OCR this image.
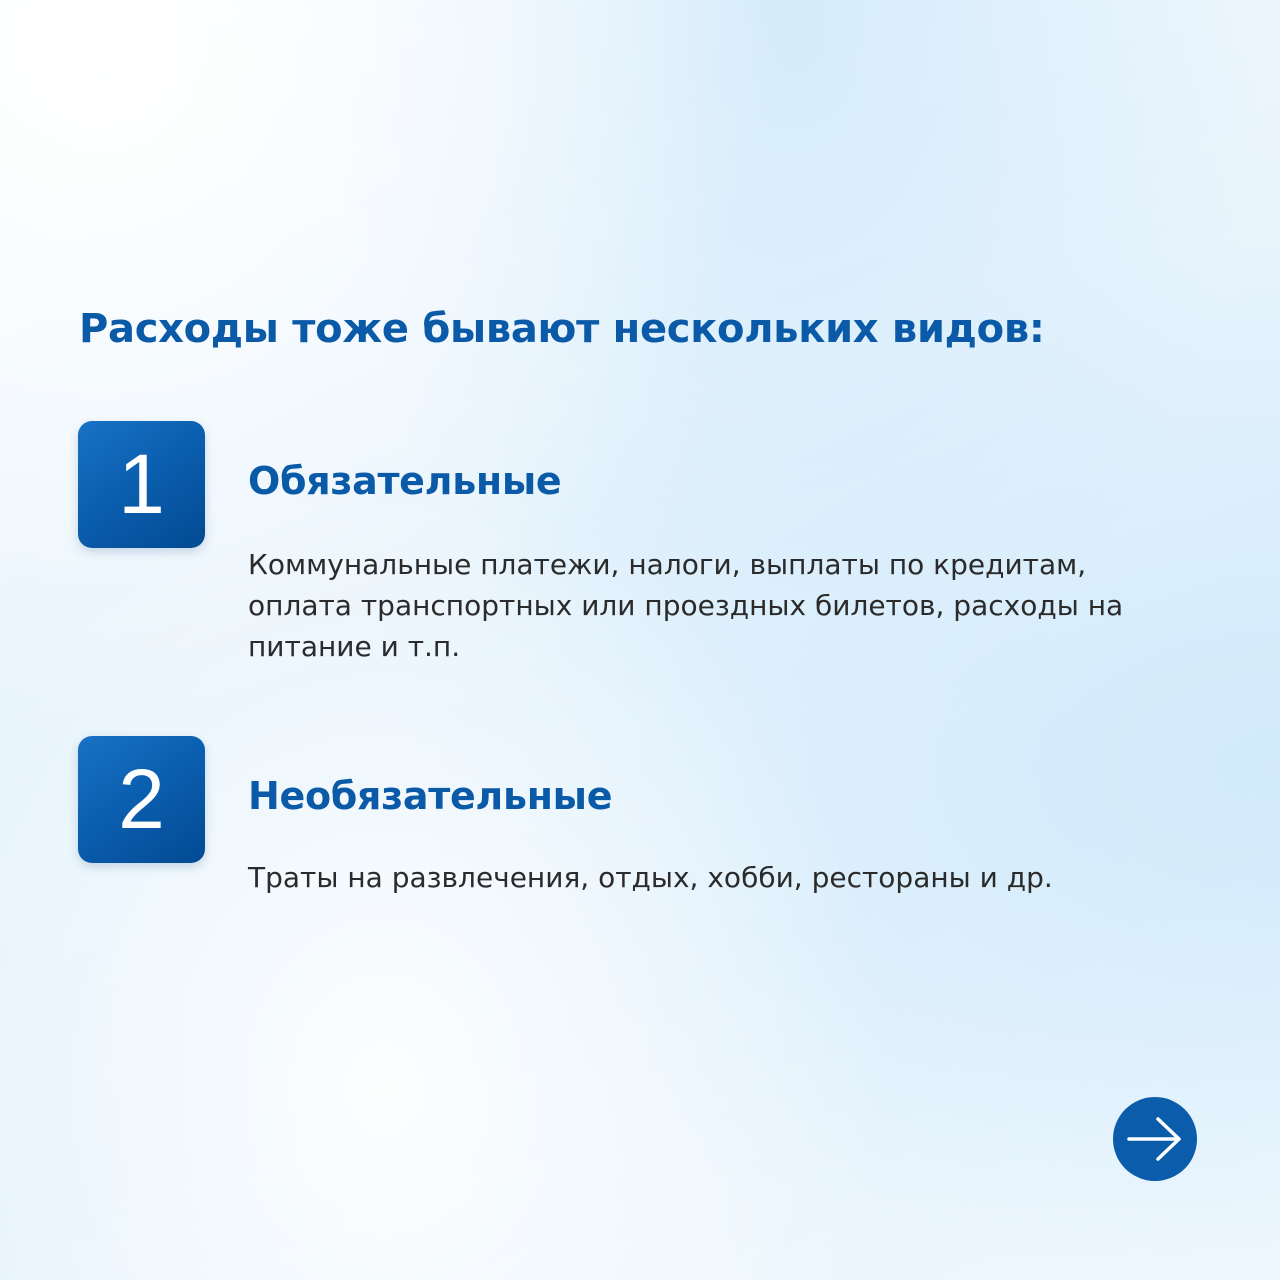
Расходы тоже бывают нескольких видов:
1	Обязательные
Коммунальные платежи, налоги, выплаты по кредитам, оплата транспортных или проездных билетов, расходы на питание и т.п.
2	Необязательные
Траты на развлечения, отдых, хобби, рестораны и др.
